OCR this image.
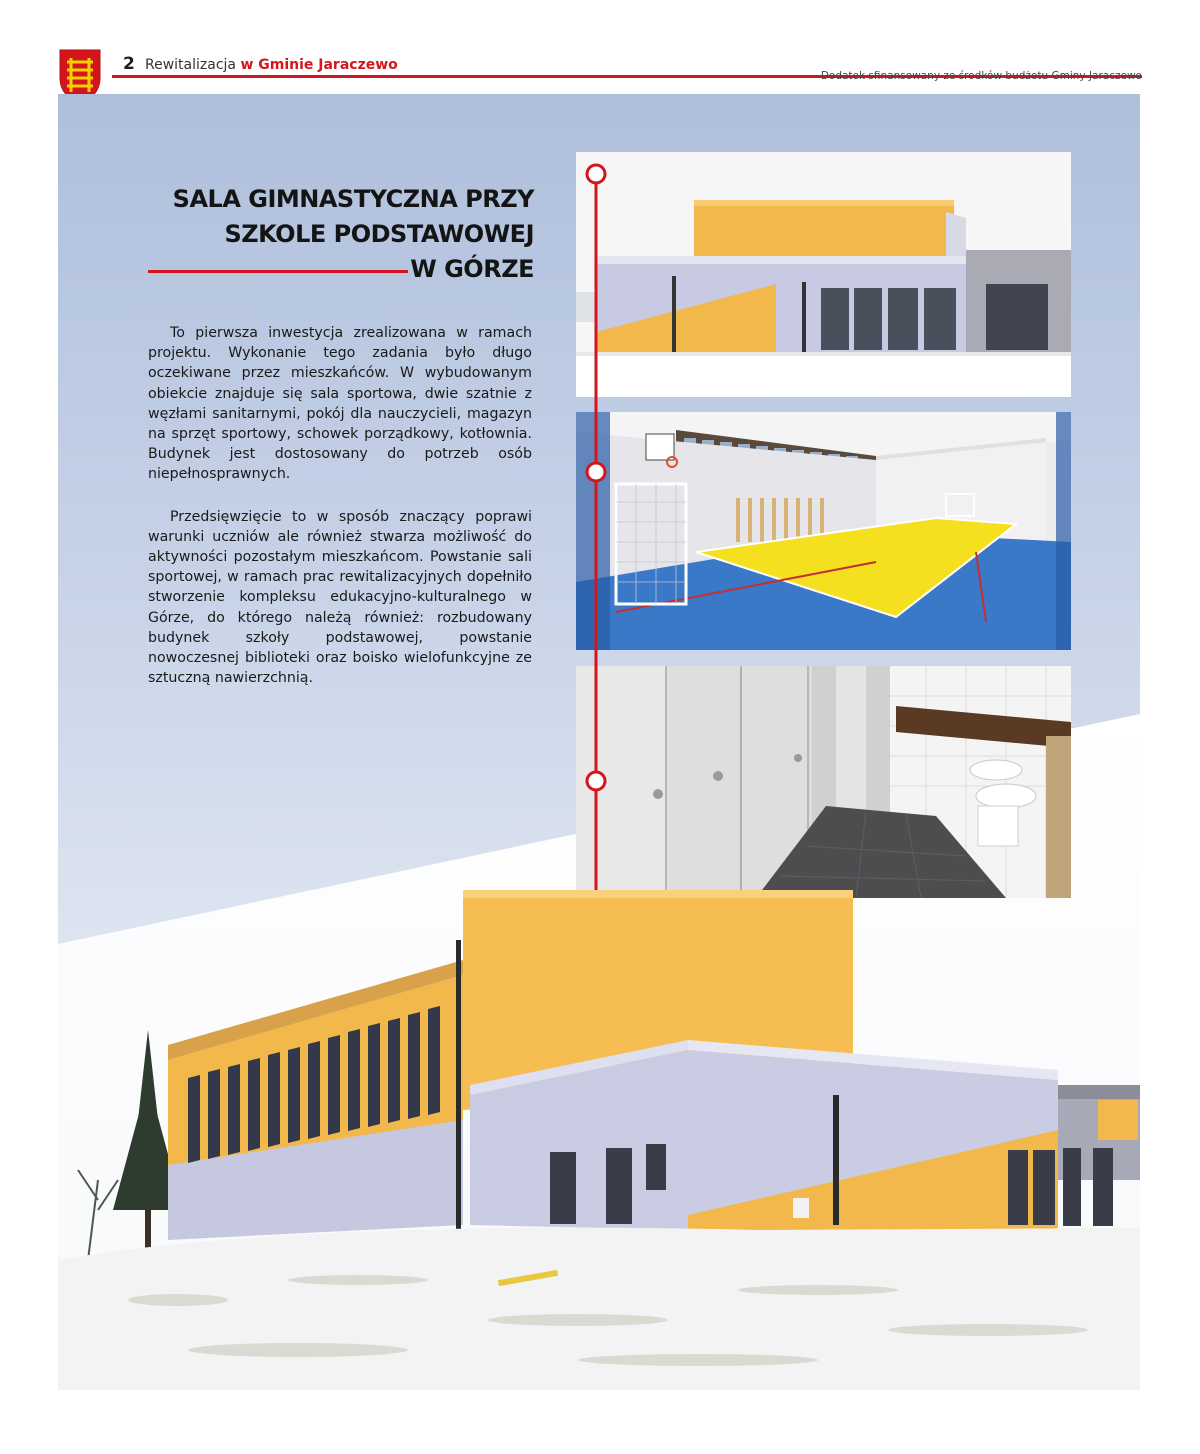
2 Rewitalizacja w Gminie Jaraczewo
Dodatek sfinansowany ze środków budżetu Gminy Jaraczewo
SALA GIMNASTYCZNA PRZY
SZKOLE PODSTAWOWEJ
W GÓRZE

To pierwsza inwestycja zrealizowana w ramach projektu. Wykonanie tego zadania było długo oczekiwane przez mieszkańców. W wybudowanym obiekcie znajduje się sala sportowa, dwie szatnie z węzłami sanitarnymi, pokój dla nauczycieli, magazyn na sprzęt sportowy, schowek porządkowy, kotłownia. Budynek jest dostosowany do potrzeb osób niepełnosprawnych.

Przedsięwzięcie to w sposób znaczący poprawi warunki uczniów ale również stwarza możliwość do aktywności pozostałym mieszkańcom. Powstanie sali sportowej, w ramach prac rewitalizacyjnych dopełniło stworzenie kompleksu edukacyjno-kulturalnego w Górze, do którego należą również: rozbudowany budynek szkoły podstawowej, powstanie nowoczesnej biblioteki oraz boisko wielofunkcyjne ze sztuczną nawierzchnią.
